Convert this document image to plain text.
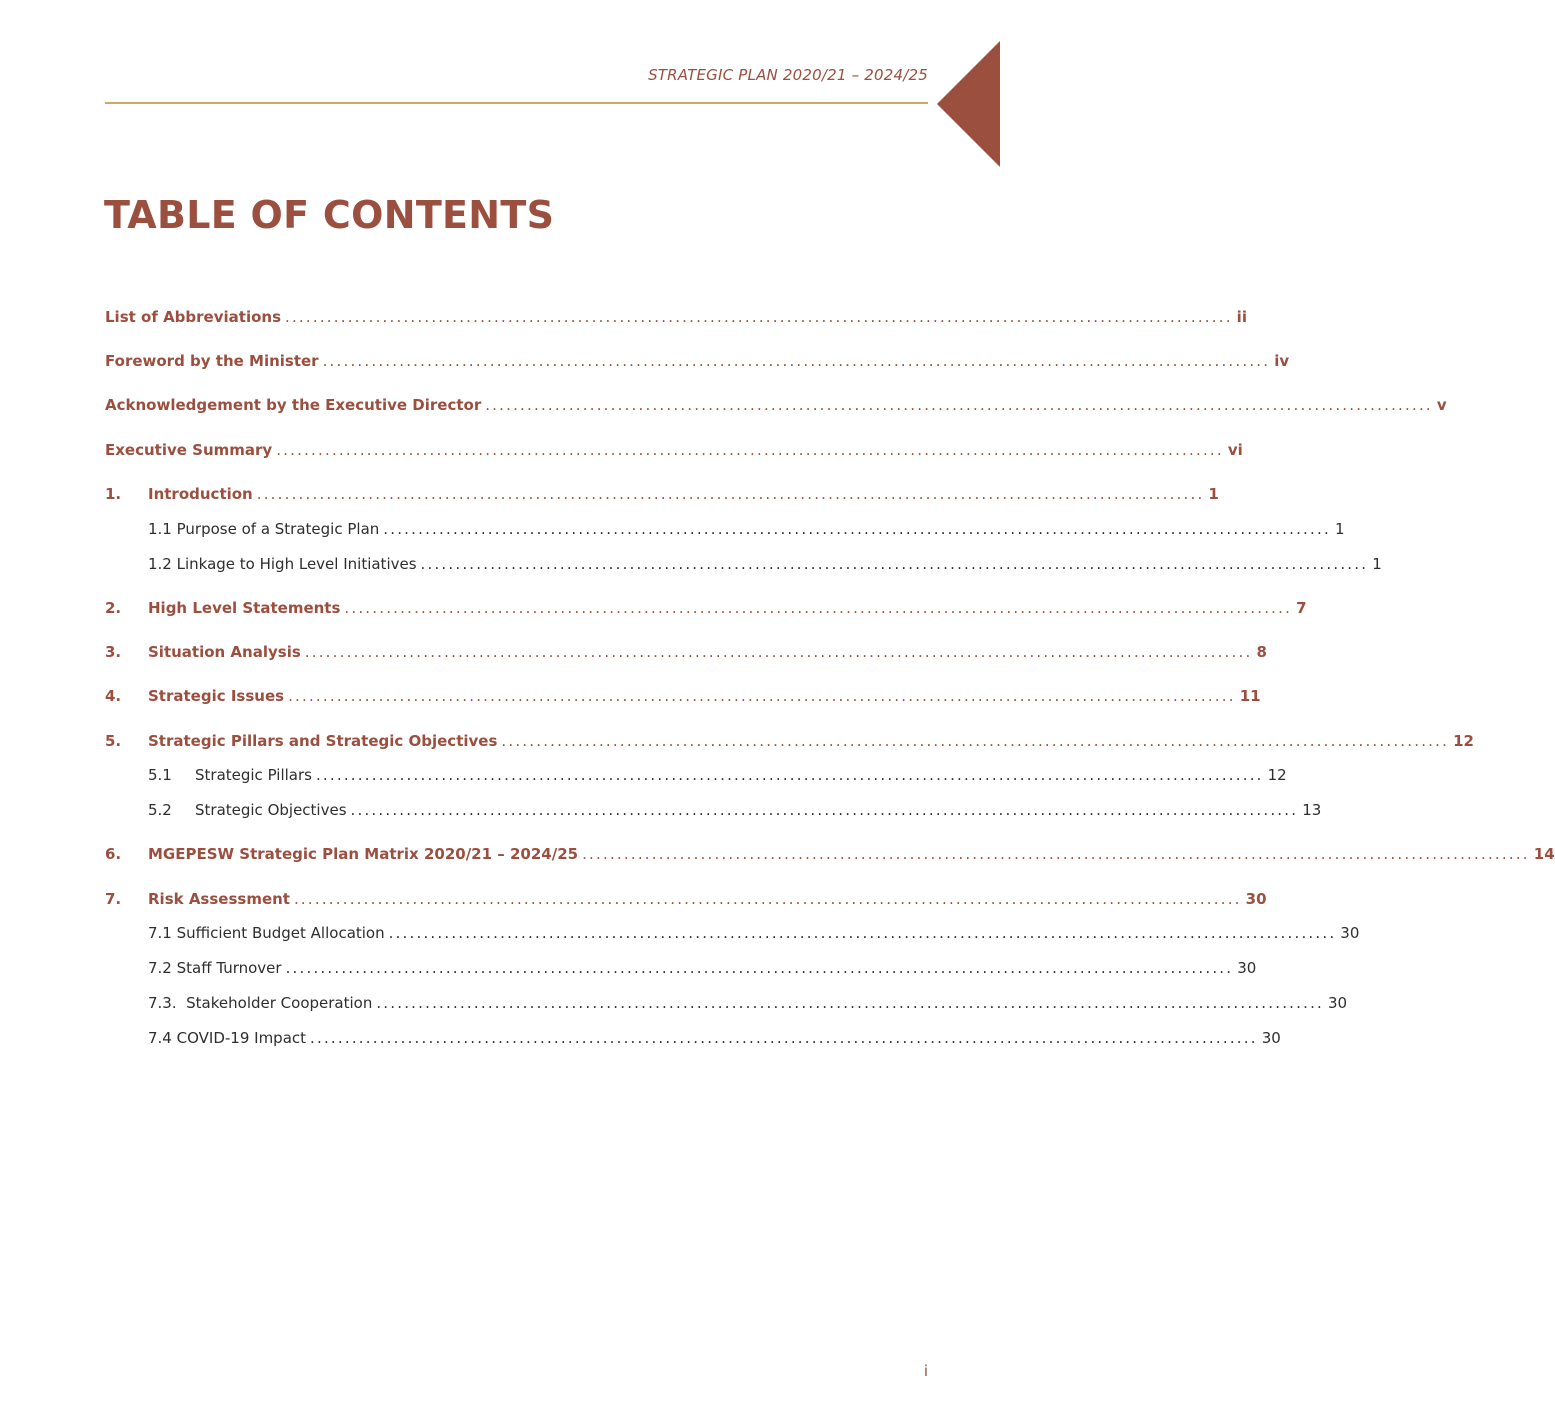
STRATEGIC PLAN 2020/21 – 2024/25
TABLE OF CONTENTS
List of Abbreviations ........................................................................................................................................ ii
Foreword by the Minister ........................................................................................................................................ iv
Acknowledgement by the Executive Director ........................................................................................................................................ v
Executive Summary ........................................................................................................................................ vi
1.	Introduction ........................................................................................................................................ 1
1.1 Purpose of a Strategic Plan ........................................................................................................................................ 1
1.2 Linkage to High Level Initiatives ........................................................................................................................................ 1
2.	High Level Statements ........................................................................................................................................ 7
3.	Situation Analysis ........................................................................................................................................ 8
4.	Strategic Issues ........................................................................................................................................ 11
5.	Strategic Pillars and Strategic Objectives ........................................................................................................................................ 12
5.1	Strategic Pillars ........................................................................................................................................ 12
5.2	Strategic Objectives ........................................................................................................................................ 13
6.	MGEPESW Strategic Plan Matrix 2020/21 – 2024/25 ........................................................................................................................................ 14
7.	Risk Assessment ........................................................................................................................................ 30
7.1 Sufficient Budget Allocation ........................................................................................................................................ 30
7.2 Staff Turnover ........................................................................................................................................ 30
7.3.  Stakeholder Cooperation ........................................................................................................................................ 30
7.4 COVID-19 Impact ........................................................................................................................................ 30
i
